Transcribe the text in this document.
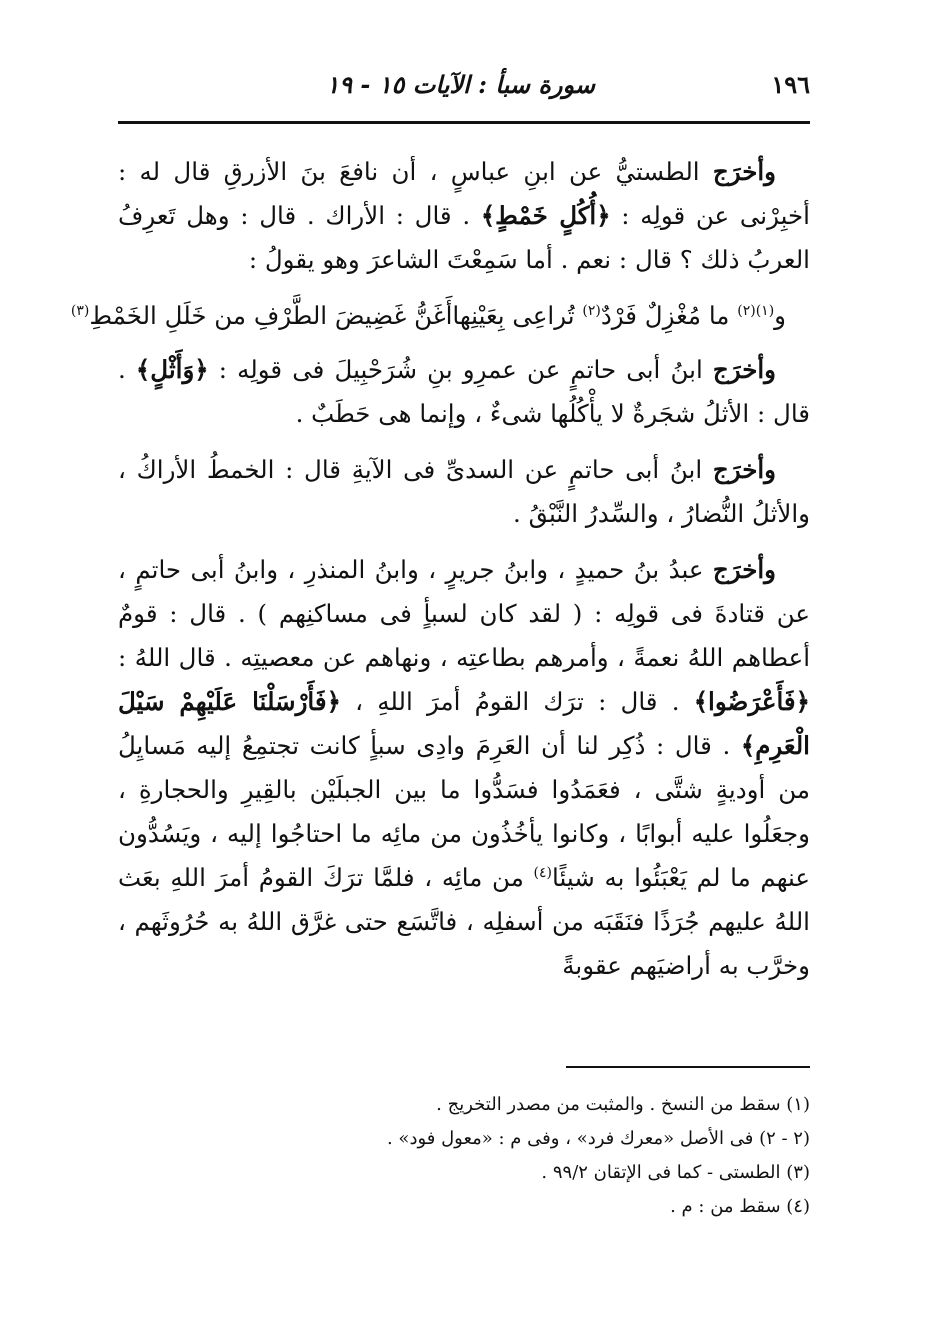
١٩٦
سورة سبأ : الآيات ١٥ - ١٩

وأخرَج الطستيُّ عن ابنِ عباسٍ ، أن نافعَ بنَ الأزرقِ قال له : أخبِرْنى عن قولِه : ﴿أُكُلٍ خَمْطٍ﴾ . قال : الأراك . قال : وهل تَعرِفُ العربُ ذلك ؟ قال : نعم . أما سَمِعْتَ الشاعرَ وهو يقولُ :

و$^{(١)(٢)}$ ما مُغْزِلٌ فَرْدٌ$^{(٢)}$ تُراعِى بِعَيْنِها
أَغَنُّ غَضِيضَ الطَّرْفِ من خَلَلِ الخَمْطِ$^{(٣)}$

وأخرَج ابنُ أبى حاتمٍ عن عمرِو بنِ شُرَحْبِيلَ فى قولِه : ﴿وَأَثْلٍ﴾ . قال : الأثلُ شجَرةٌ لا يأْكُلُها شىءٌ ، وإنما هى حَطَبٌ .

وأخرَج ابنُ أبى حاتمٍ عن السدىِّ فى الآيةِ قال : الخمطُ الأراكُ ، والأثلُ النُّضارُ ، والسِّدرُ النَّبْقُ .

وأخرَج عبدُ بنُ حميدٍ ، وابنُ جريرٍ ، وابنُ المنذرِ ، وابنُ أبى حاتمٍ ، عن قتادةَ فى قولِه : ( لقد كان لسبأٍ فى مساكنِهم ) . قال : قومٌ أعطاهم اللهُ نعمةً ، وأمرهم بطاعتِه ، ونهاهم عن معصيتِه . قال اللهُ : ﴿فَأَعْرَضُوا﴾ . قال : ترَك القومُ أمرَ اللهِ ، ﴿فَأَرْسَلْنَا عَلَيْهِمْ سَيْلَ الْعَرِمِ﴾ . قال : ذُكِر لنا أن العَرِمَ وادِى سبأٍ كانت تجتمِعُ إليه مَسايِلُ من أوديةٍ شتَّى ، فعَمَدُوا فسَدُّوا ما بين الجبلَيْن بالقِيرِ والحجارةِ ، وجعَلُوا عليه أبوابًا ، وكانوا يأخُذُون من مائِه ما احتاجُوا إليه ، ويَسُدُّون عنهم ما لم يَعْبَئُوا به شيئًا$^{(٤)}$ من مائِه ، فلمَّا ترَكَ القومُ أمرَ اللهِ بعَث اللهُ عليهم جُرَذًا فنَقَبَه من أسفلِه ، فاتَّسَع حتى غرَّق اللهُ به حُرُوثَهم ، وخرَّب به أراضيَهم عقوبةً

(١) سقط من النسخ . والمثبت من مصدر التخريج .

(٢ - ٢) فى الأصل «معرك فرد» ، وفى م : «معول فود» .

(٣) الطستى - كما فى الإتقان ٩٩/٢ .

(٤) سقط من : م .
